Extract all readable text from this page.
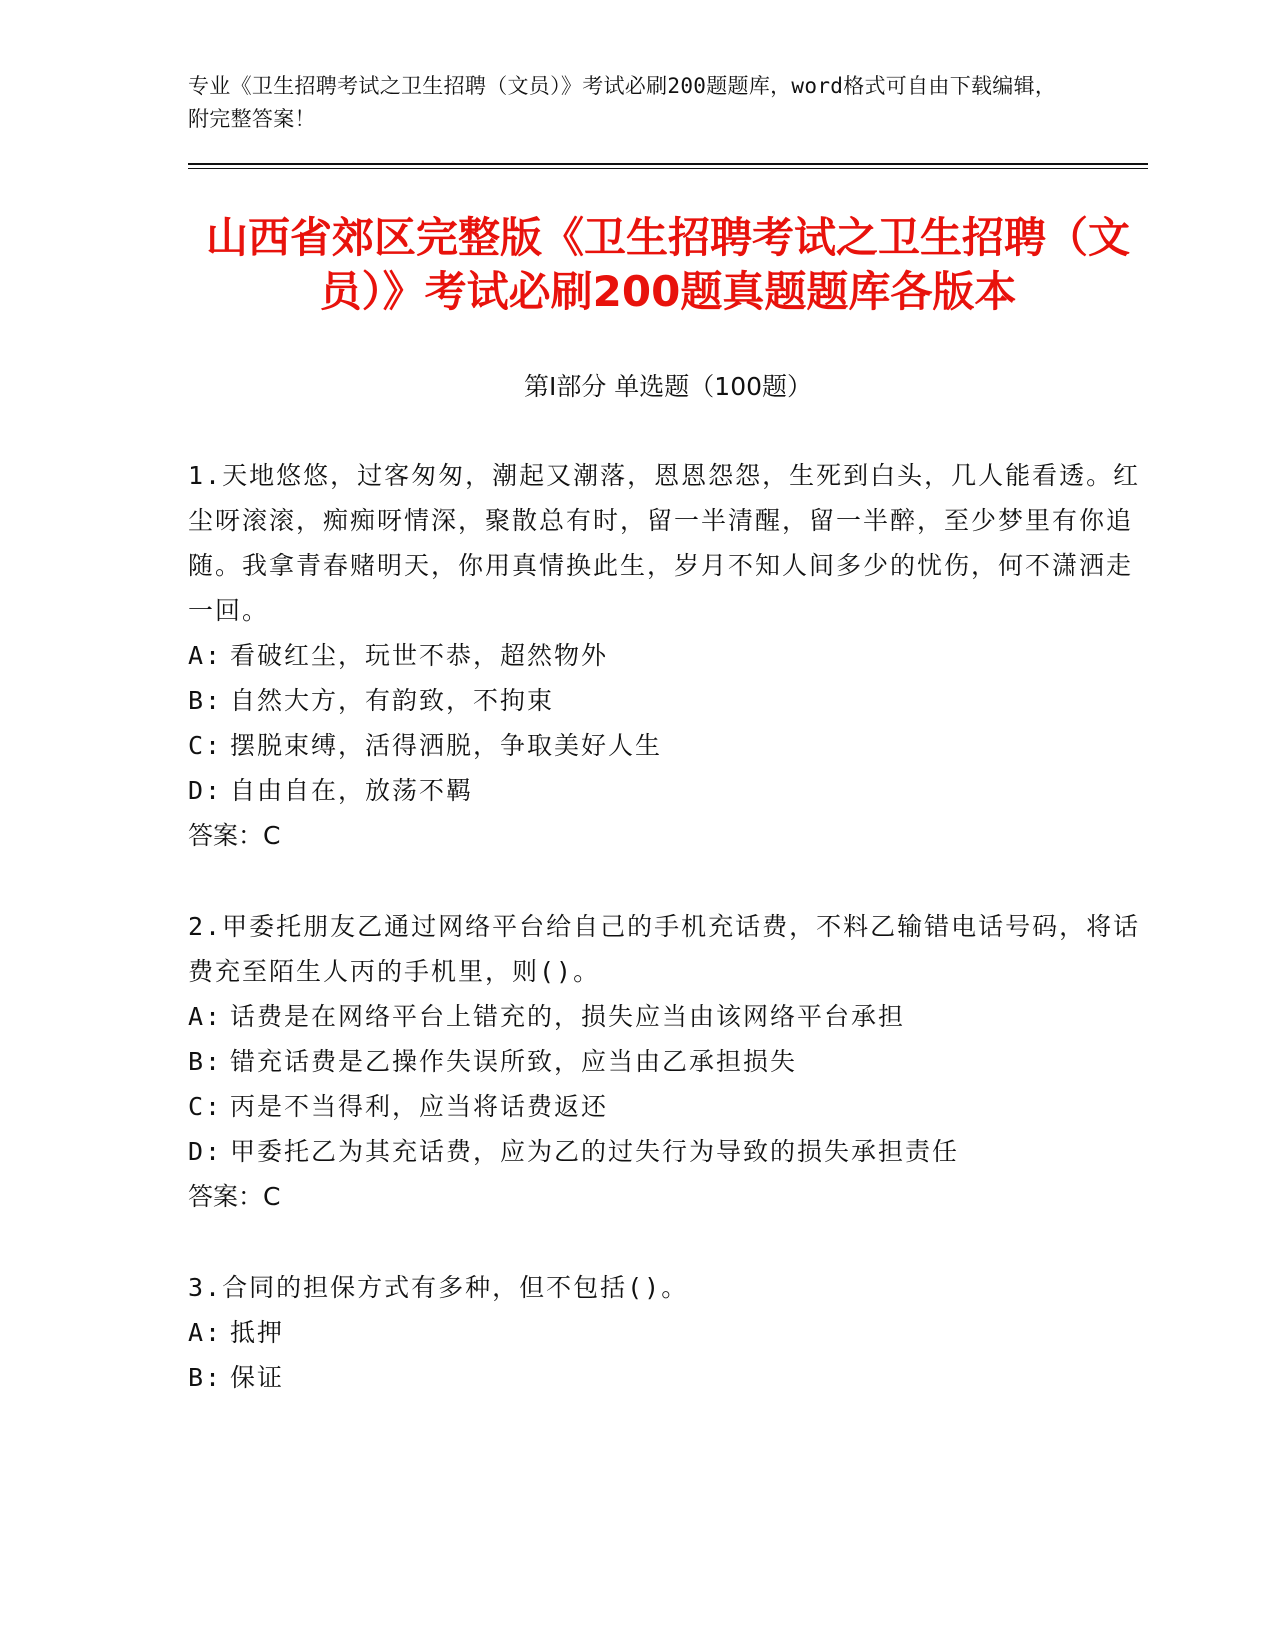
专业《卫生招聘考试之卫生招聘（文员）》考试必刷200题题库，word格式可自由下载编辑，附完整答案！
山西省郊区完整版《卫生招聘考试之卫生招聘（文员）》考试必刷200题真题题库各版本
第I部分 单选题（100题）
1.天地悠悠，过客匆匆，潮起又潮落，恩恩怨怨，生死到白头，几人能看透。红尘呀滚滚，痴痴呀情深，聚散总有时，留一半清醒，留一半醉，至少梦里有你追随。我拿青春赌明天，你用真情换此生，岁月不知人间多少的忧伤，何不潇洒走一回。
A: 看破红尘，玩世不恭，超然物外
B: 自然大方，有韵致，不拘束
C: 摆脱束缚，活得洒脱，争取美好人生
D: 自由自在，放荡不羁
答案：C
2.甲委托朋友乙通过网络平台给自己的手机充话费，不料乙输错电话号码，将话费充至陌生人丙的手机里，则()。
A: 话费是在网络平台上错充的，损失应当由该网络平台承担
B: 错充话费是乙操作失误所致，应当由乙承担损失
C: 丙是不当得利，应当将话费返还
D: 甲委托乙为其充话费，应为乙的过失行为导致的损失承担责任
答案：C
3.合同的担保方式有多种，但不包括()。
A: 抵押
B: 保证
